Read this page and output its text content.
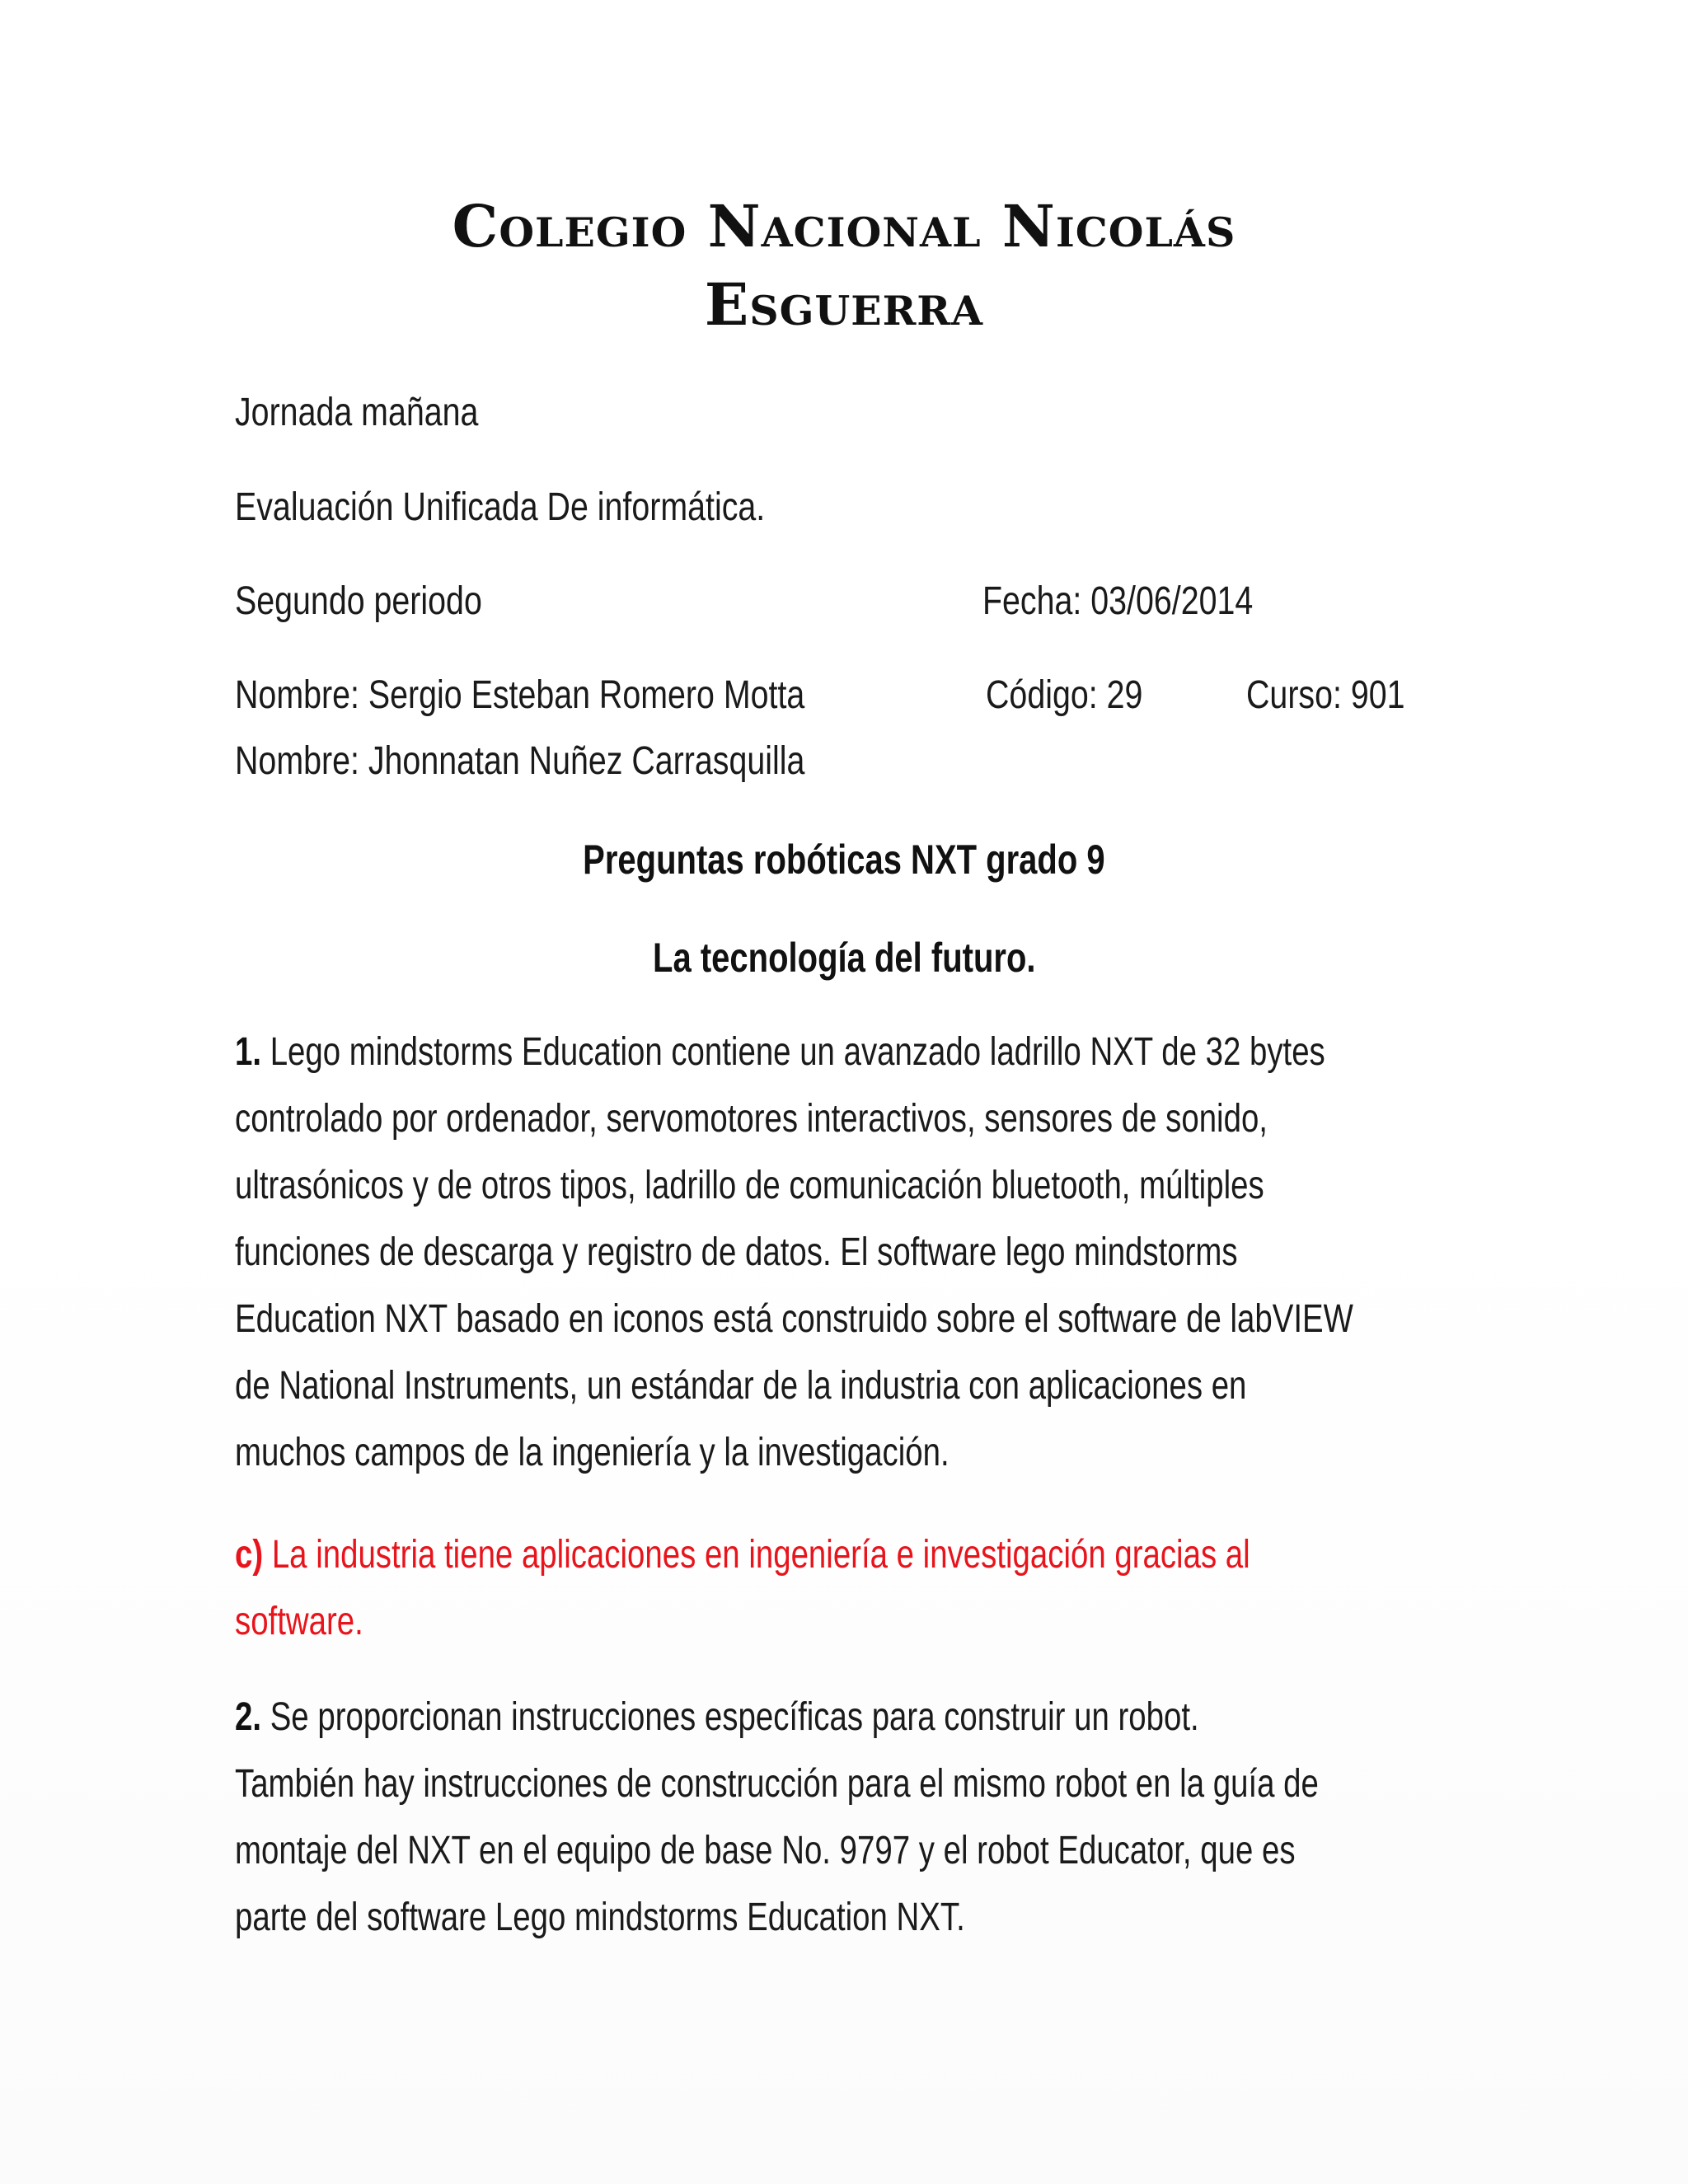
Colegio Nacional Nicolás
Esguerra
Jornada mañana
Evaluación Unificada De informática.
Segundo periodo	Fecha: 03/06/2014
Nombre: Sergio Esteban Romero Motta	Código: 29	Curso: 901
Nombre: Jhonnatan Nuñez Carrasquilla
Preguntas robóticas NXT grado 9
La tecnología del futuro.
1. Lego mindstorms Education contiene un avanzado ladrillo NXT de 32 bytes
controlado por ordenador, servomotores interactivos, sensores de sonido,
ultrasónicos y de otros tipos, ladrillo de comunicación bluetooth, múltiples
funciones de descarga y registro de datos. El software lego mindstorms
Education NXT basado en iconos está construido sobre el software de labVIEW
de National Instruments, un estándar de la industria con aplicaciones en
muchos campos de la ingeniería y la investigación.
c) La industria tiene aplicaciones en ingeniería e investigación gracias al
software.
2. Se proporcionan instrucciones específicas para construir un robot.
También hay instrucciones de construcción para el mismo robot en la guía de
montaje del NXT en el equipo de base No. 9797 y el robot Educator, que es
parte del software Lego mindstorms Education NXT.
